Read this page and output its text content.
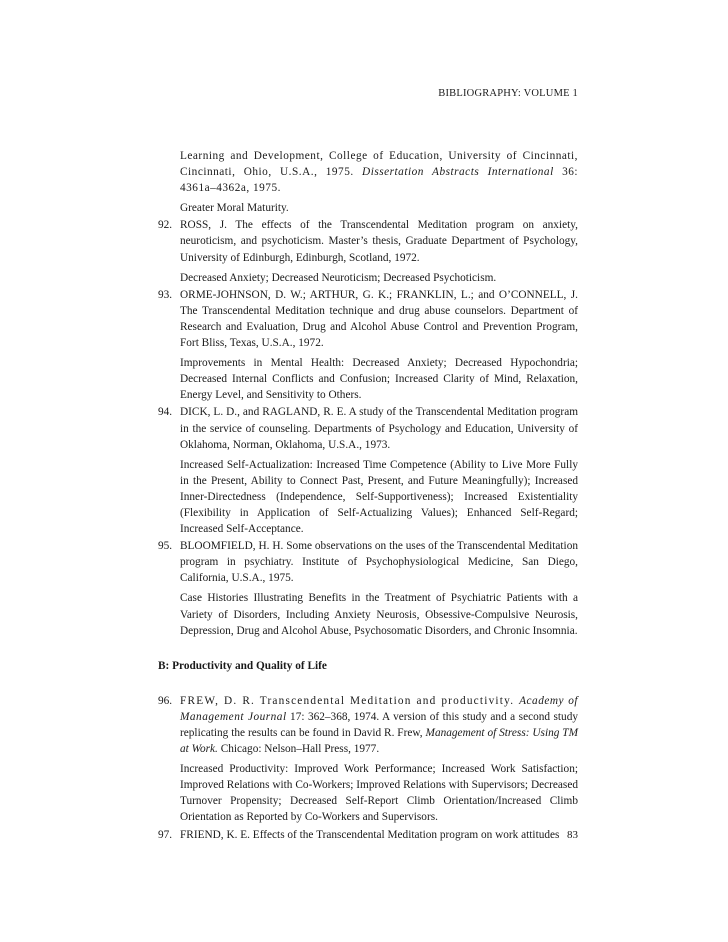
BIBLIOGRAPHY: VOLUME 1

Learning and Development, College of Education, University of Cincinnati, Cincinnati, Ohio, U.S.A., 1975. Dissertation Abstracts International 36: 4361a–4362a, 1975.

Greater Moral Maturity.

92. ROSS, J. The effects of the Transcendental Meditation program on anxiety, neuroticism, and psychoticism. Master’s thesis, Graduate Department of Psychology, University of Edinburgh, Edinburgh, Scotland, 1972.

Decreased Anxiety; Decreased Neuroticism; Decreased Psychoticism.

93. ORME-JOHNSON, D. W.; ARTHUR, G. K.; FRANKLIN, L.; and O’CONNELL, J. The Transcendental Meditation technique and drug abuse counselors. Department of Research and Evaluation, Drug and Alcohol Abuse Control and Prevention Program, Fort Bliss, Texas, U.S.A., 1972.

Improvements in Mental Health: Decreased Anxiety; Decreased Hypochondria; Decreased Internal Conflicts and Confusion; Increased Clarity of Mind, Relaxation, Energy Level, and Sensitivity to Others.

94. DICK, L. D., and RAGLAND, R. E. A study of the Transcendental Meditation program in the service of counseling. Departments of Psychology and Education, University of Oklahoma, Norman, Oklahoma, U.S.A., 1973.

Increased Self-Actualization: Increased Time Competence (Ability to Live More Fully in the Present, Ability to Connect Past, Present, and Future Meaningfully); Increased Inner-Directedness (Independence, Self-Supportiveness); Increased Existentiality (Flexibility in Application of Self-Actualizing Values); Enhanced Self-Regard; Increased Self-Acceptance.

95. BLOOMFIELD, H. H. Some observations on the uses of the Transcendental Meditation program in psychiatry. Institute of Psychophysiological Medicine, San Diego, California, U.S.A., 1975.

Case Histories Illustrating Benefits in the Treatment of Psychiatric Patients with a Variety of Disorders, Including Anxiety Neurosis, Obsessive-Compulsive Neurosis, Depression, Drug and Alcohol Abuse, Psychosomatic Disorders, and Chronic Insomnia.

B: Productivity and Quality of Life
96. FREW, D. R. Transcendental Meditation and productivity. Academy of Management Journal 17: 362–368, 1974. A version of this study and a second study replicating the results can be found in David R. Frew, Management of Stress: Using TM at Work. Chicago: Nelson–Hall Press, 1977.

Increased Productivity: Improved Work Performance; Increased Work Satisfaction; Improved Relations with Co-Workers; Improved Relations with Supervisors; Decreased Turnover Propensity; Decreased Self-Report Climb Orientation/Increased Climb Orientation as Reported by Co-Workers and Supervisors.

97. FRIEND, K. E. Effects of the Transcendental Meditation program on work attitudes 83
